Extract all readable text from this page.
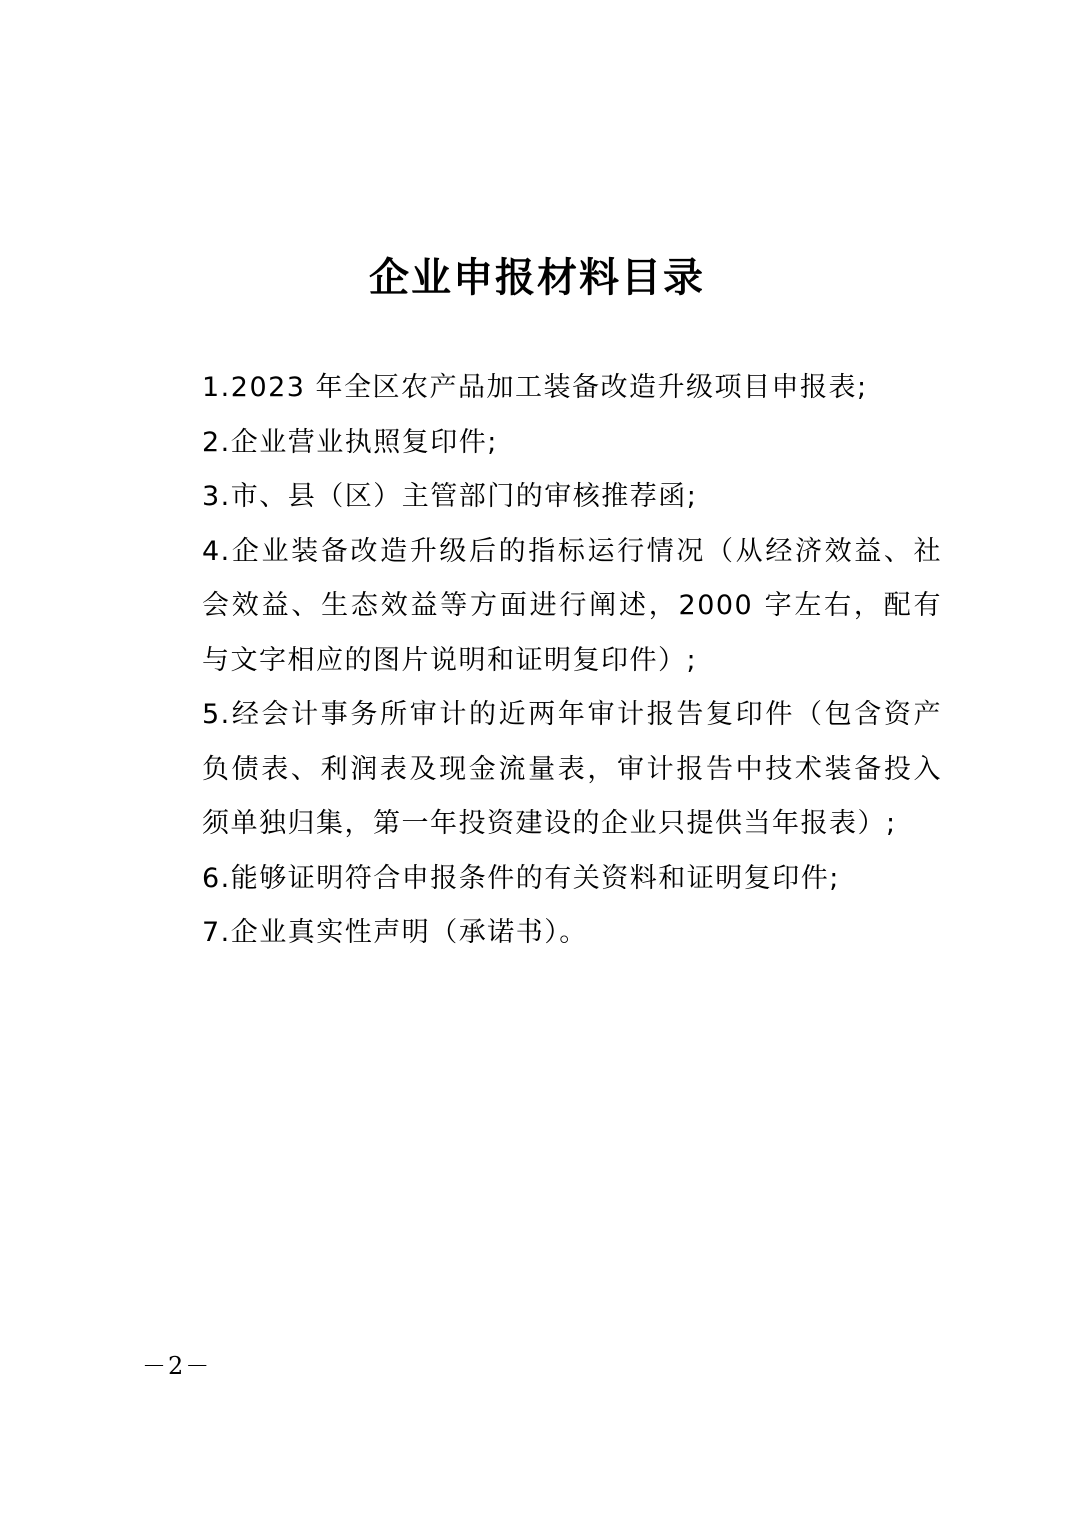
企业申报材料目录

1.2023 年全区农产品加工装备改造升级项目申报表;

2.企业营业执照复印件;

3.市、县（区）主管部门的审核推荐函;

4.企业装备改造升级后的指标运行情况（从经济效益、社会效益、生态效益等方面进行阐述，2000 字左右，配有与文字相应的图片说明和证明复印件）;

5.经会计事务所审计的近两年审计报告复印件（包含资产负债表、利润表及现金流量表，审计报告中技术装备投入须单独归集，第一年投资建设的企业只提供当年报表）;

6.能够证明符合申报条件的有关资料和证明复印件;

7.企业真实性声明（承诺书）。

－2－
